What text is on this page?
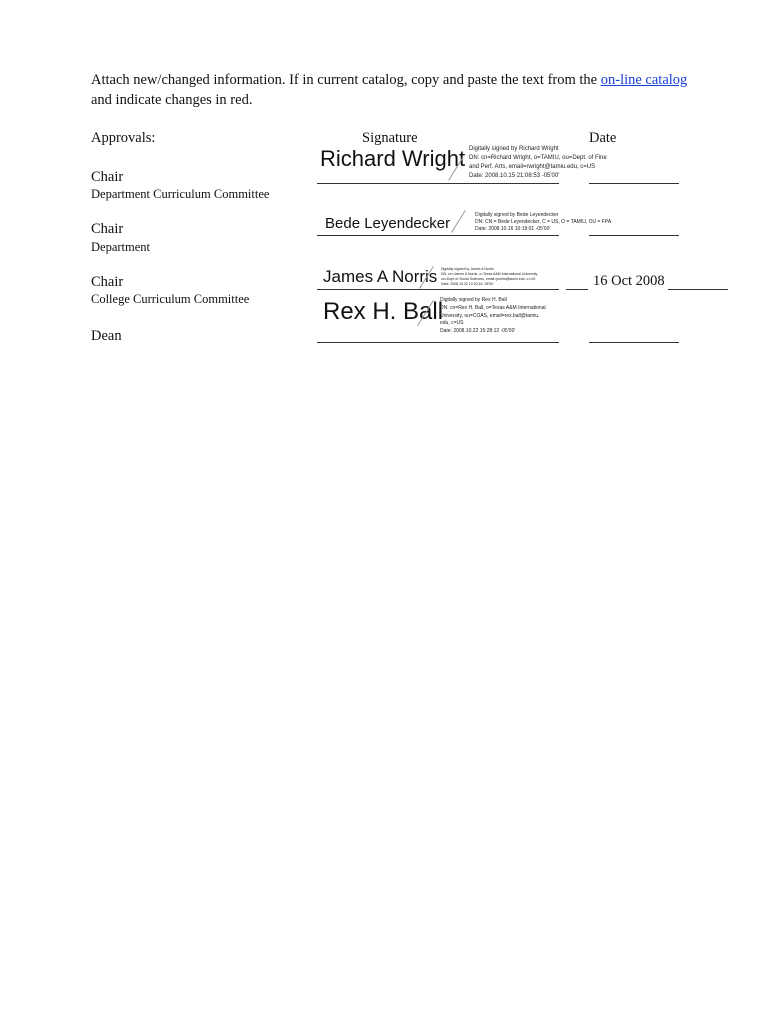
Attach new/changed information. If in current catalog, copy and paste the text from the on-line catalog and indicate changes in red.
Approvals:	Signature	Date
Chair
Department Curriculum Committee
Richard Wright Digitally signed by Richard Wright
DN: cn=Richard Wright, o=TAMIU, ou=Dept. of Fine
and Perf. Arts, email=rwright@tamiu.edu, c=US
Date: 2008.10.15 21:08:53 -05'00'
Chair
Department
Bede Leyendecker	Digitally signed by Bede Leyendecker
DN: CN = Bede Leyendecker, C = US, O = TAMIU, OU = FPA
Date: 2008.10.16 10:19:01 -05'00'
Chair
College Curriculum Committee
James A Norris Digitally signed by James A Norris
DN: cn=James A Norris, o=Texas A&M International University,
ou=Dept of Social Sciences, email=jnorris@tamiu.edu, c=US
Date: 2008.10.22 10:20:16 -05'00'	16 Oct 2008
Dean
Rex H. Ball
Digitally signed by Rex H. Ball
DN: cn=Rex H. Ball, o=Texas A&M International
University, ou=COAS, email=rex.ball@tamiu.
edu, c=US
Date: 2008.10.22 15:28:12 -05'00'
